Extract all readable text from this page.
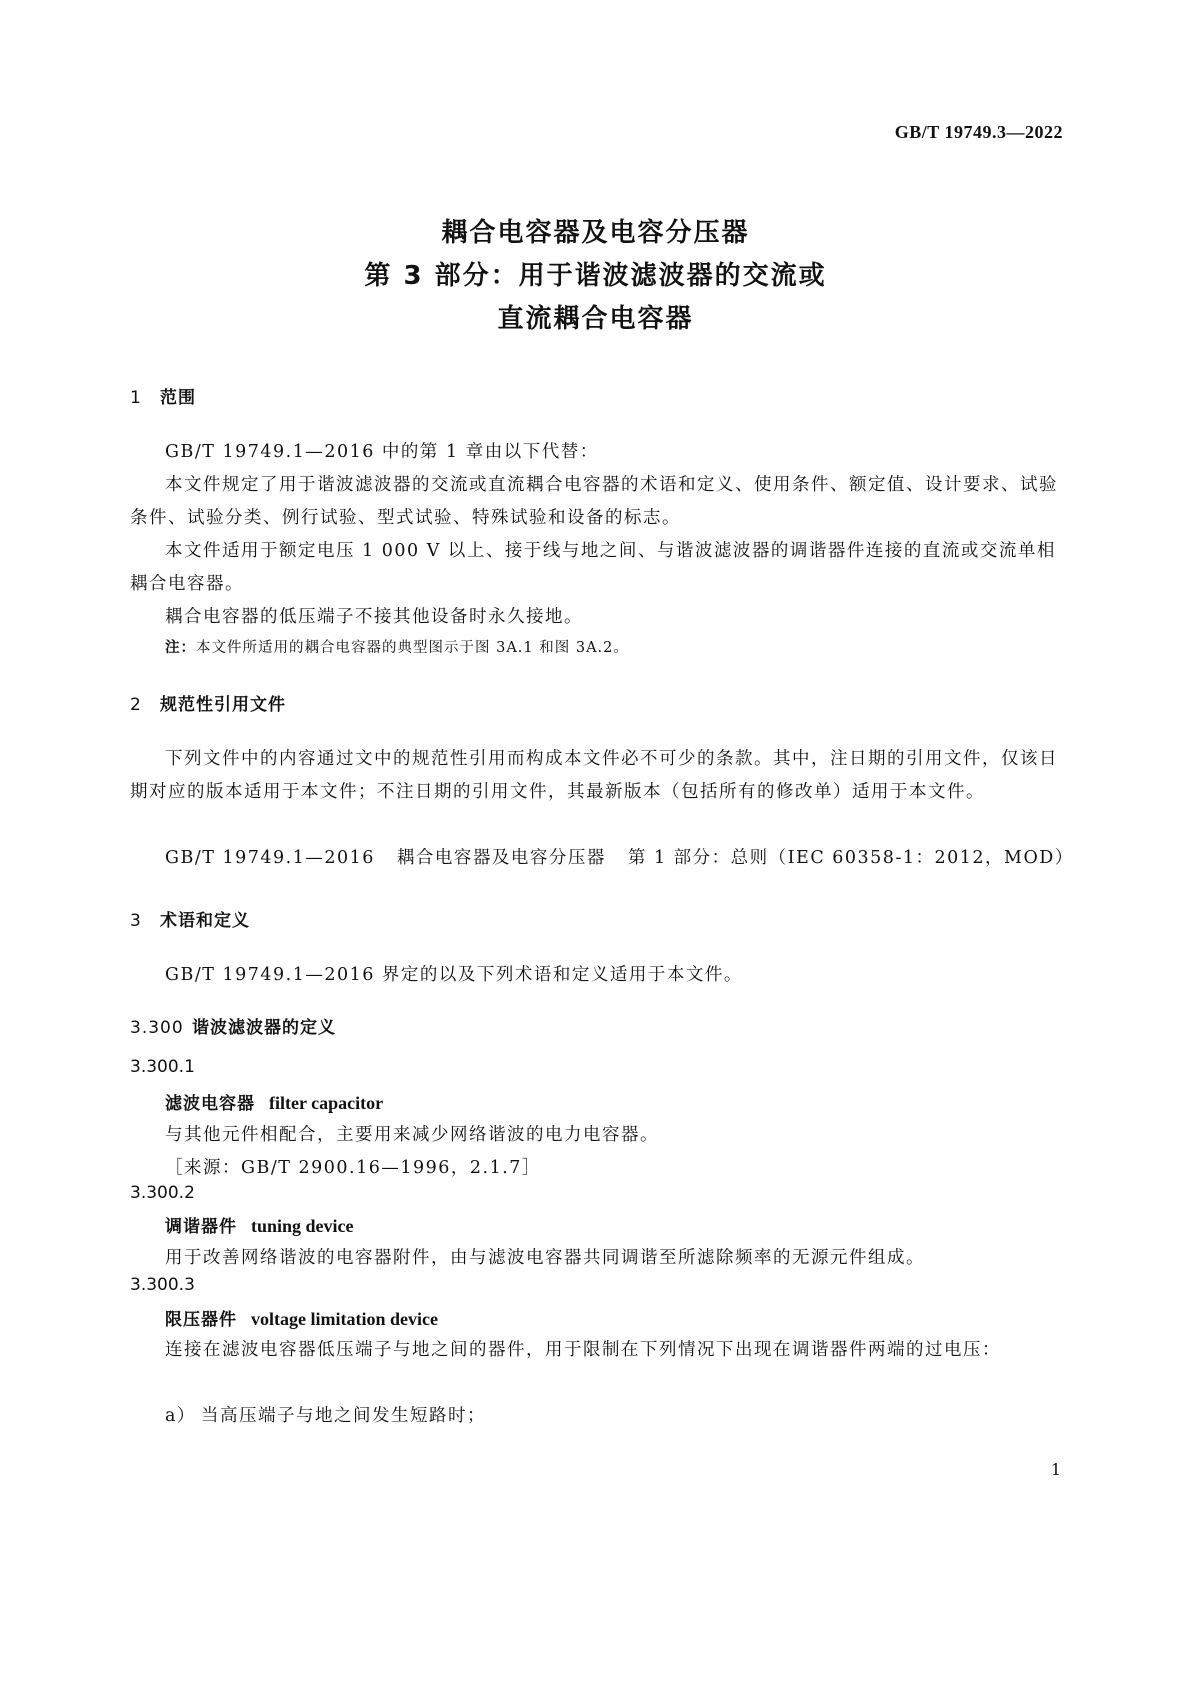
GB/T 19749.3—2022
耦合电容器及电容分压器
第 3 部分：用于谐波滤波器的交流或
直流耦合电容器
1 范围
GB/T 19749.1—2016 中的第 1 章由以下代替：
本文件规定了用于谐波滤波器的交流或直流耦合电容器的术语和定义、使用条件、额定值、设计要求、试验条件、试验分类、例行试验、型式试验、特殊试验和设备的标志。
本文件适用于额定电压 1 000 V 以上、接于线与地之间、与谐波滤波器的调谐器件连接的直流或交流单相耦合电容器。
耦合电容器的低压端子不接其他设备时永久接地。
注：本文件所适用的耦合电容器的典型图示于图 3A.1 和图 3A.2。
2 规范性引用文件
下列文件中的内容通过文中的规范性引用而构成本文件必不可少的条款。其中，注日期的引用文件，仅该日期对应的版本适用于本文件；不注日期的引用文件，其最新版本（包括所有的修改单）适用于本文件。
GB/T 19749.1—2016 耦合电容器及电容分压器 第 1 部分：总则（IEC 60358-1：2012，MOD）
3 术语和定义
GB/T 19749.1—2016 界定的以及下列术语和定义适用于本文件。
3.300 谐波滤波器的定义
3.300.1
滤波电容器 filter capacitor
与其他元件相配合，主要用来减少网络谐波的电力电容器。
［来源：GB/T 2900.16—1996，2.1.7］
3.300.2
调谐器件 tuning device
用于改善网络谐波的电容器附件，由与滤波电容器共同调谐至所滤除频率的无源元件组成。
3.300.3
限压器件 voltage limitation device
连接在滤波电容器低压端子与地之间的器件，用于限制在下列情况下出现在调谐器件两端的过电压：
a） 当高压端子与地之间发生短路时；
1
